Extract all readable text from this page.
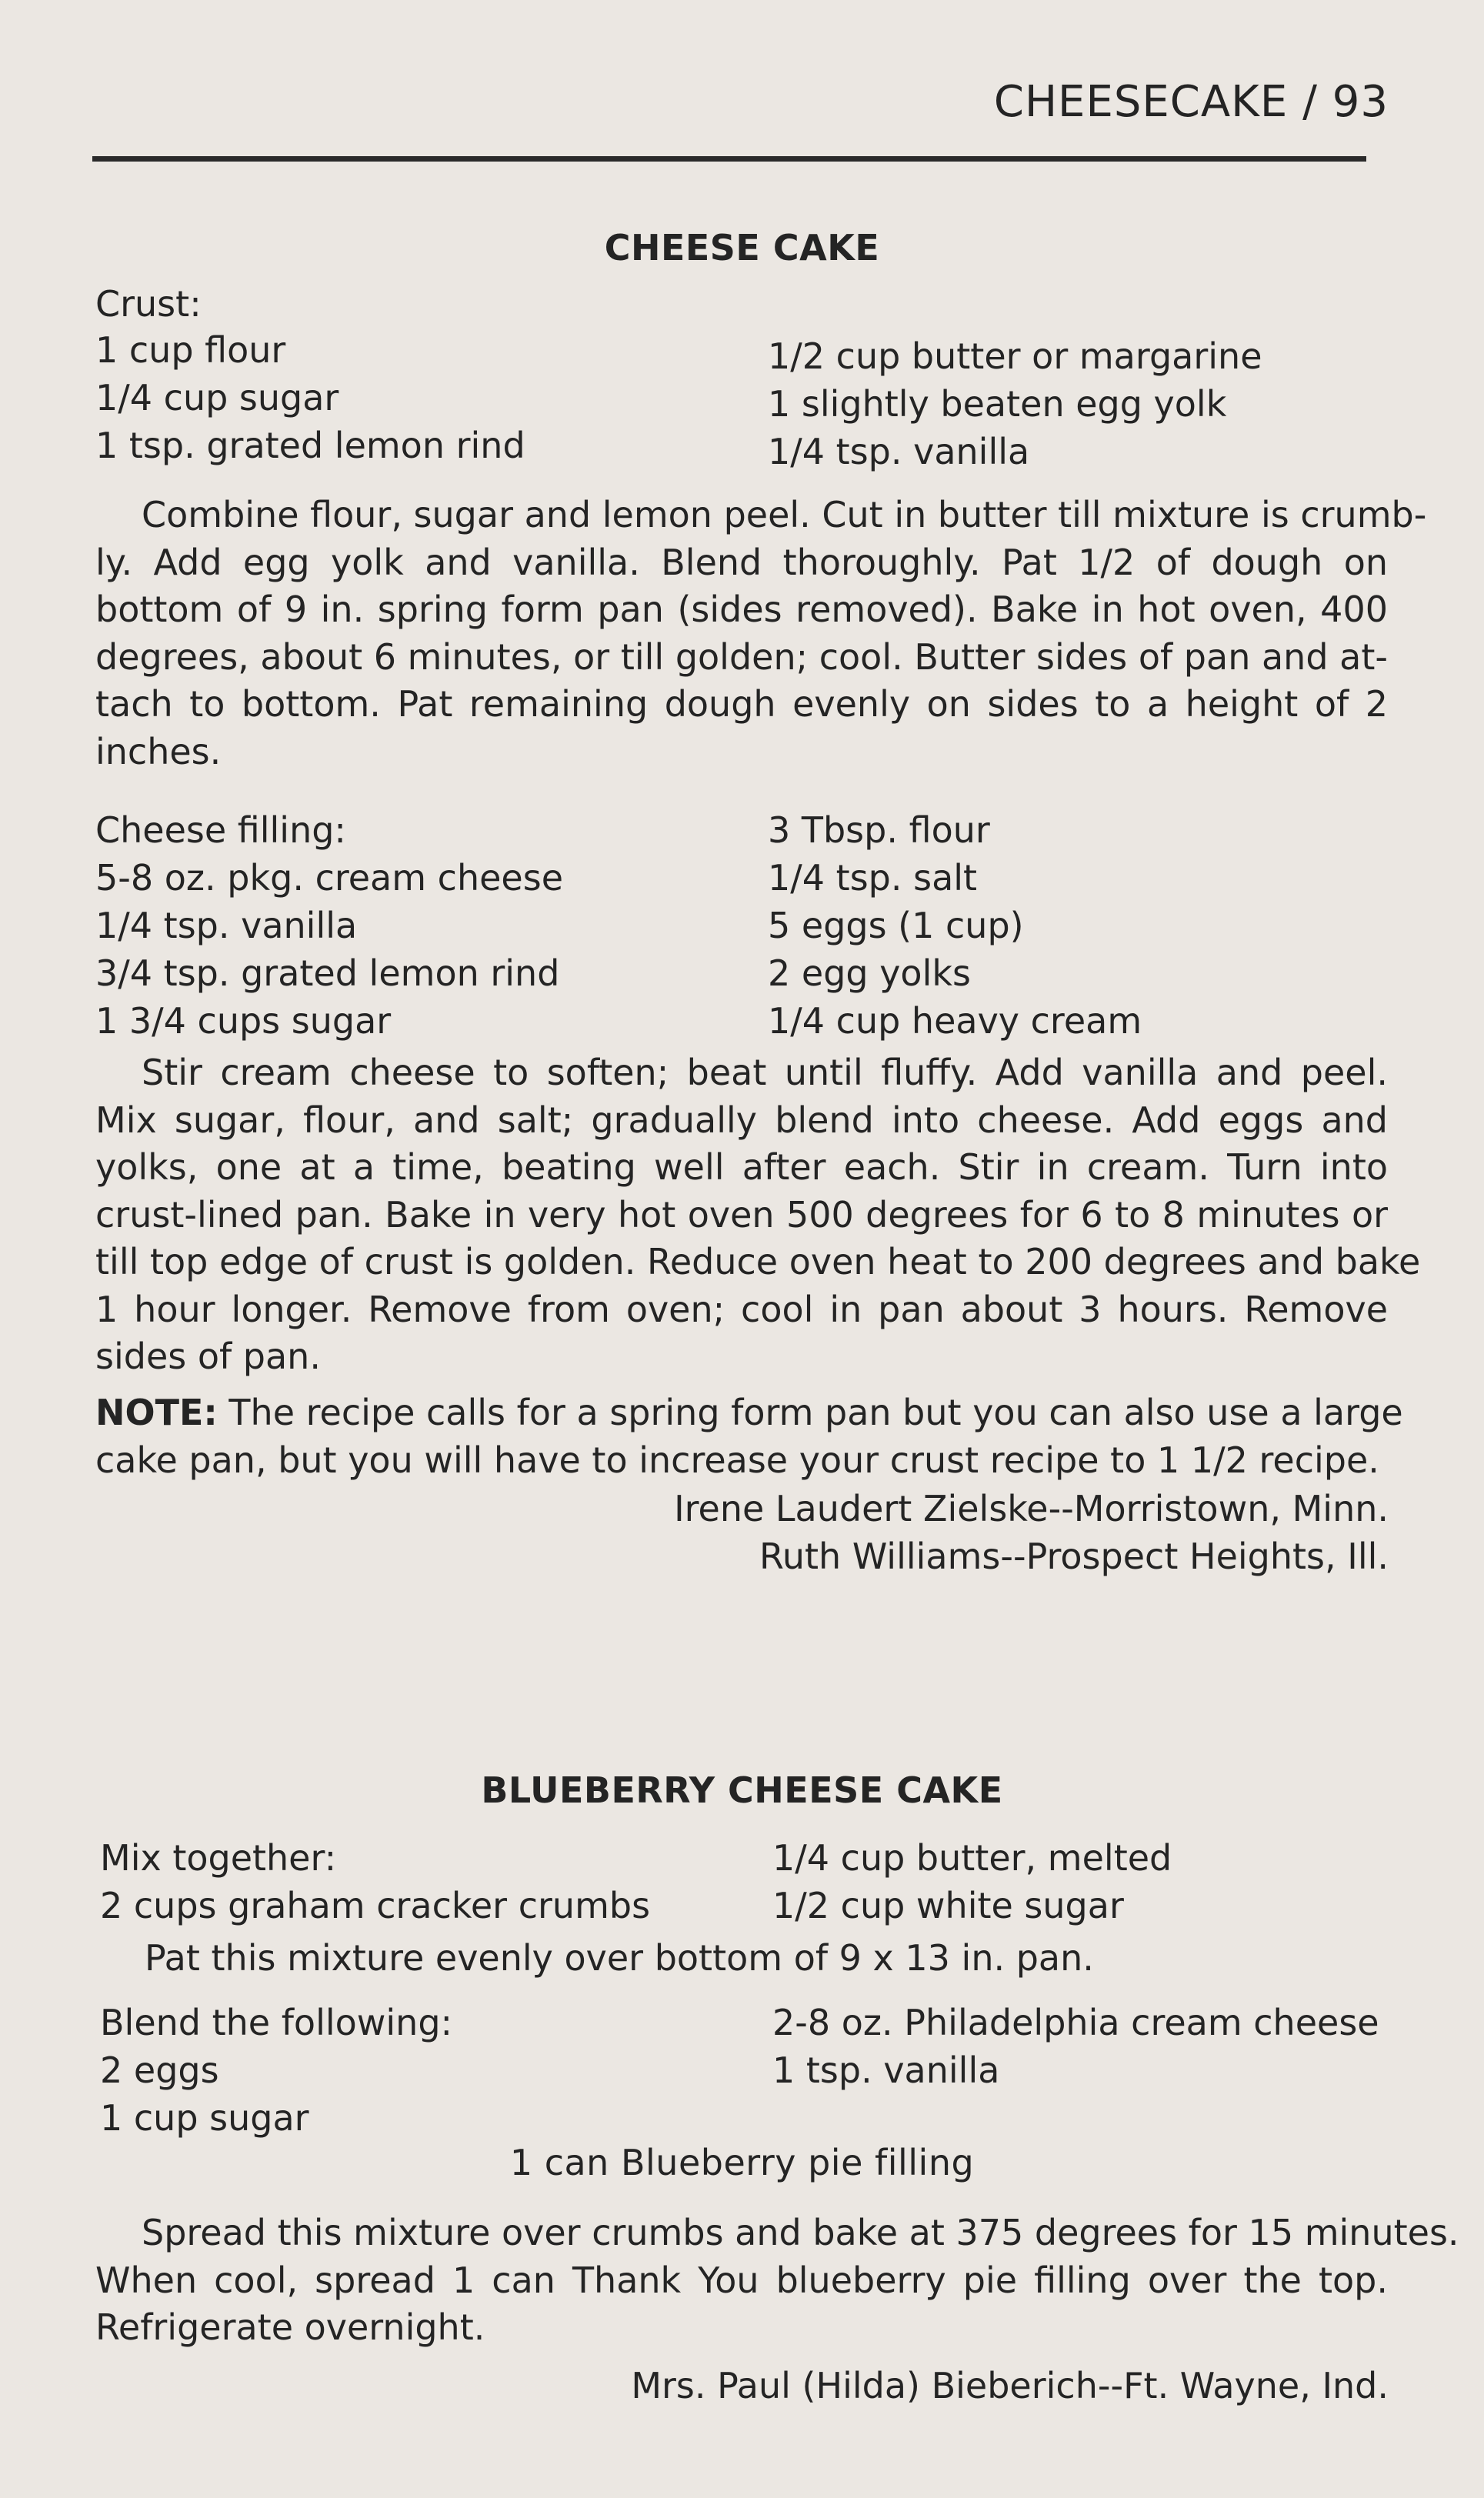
CHEESECAKE / 93
CHEESE CAKE
Crust:
1 cup flour
1/4 cup sugar
1 tsp. grated lemon rind
1/2 cup butter or margarine
1 slightly beaten egg yolk
1/4 tsp. vanilla
Combine flour, sugar and lemon peel. Cut in butter till mixture is crumb-
ly. Add egg yolk and vanilla. Blend thoroughly. Pat 1/2 of dough on
bottom of 9 in. spring form pan (sides removed). Bake in hot oven, 400
degrees, about 6 minutes, or till golden; cool. Butter sides of pan and at-
tach to bottom. Pat remaining dough evenly on sides to a height of 2
inches.
Cheese filling:
5-8 oz. pkg. cream cheese
1/4 tsp. vanilla
3/4 tsp. grated lemon rind
1 3/4 cups sugar
3 Tbsp. flour
1/4 tsp. salt
5 eggs (1 cup)
2 egg yolks
1/4 cup heavy cream
Stir cream cheese to soften; beat until fluffy. Add vanilla and peel.
Mix sugar, flour, and salt; gradually blend into cheese. Add eggs and
yolks, one at a time, beating well after each. Stir in cream. Turn into
crust-lined pan. Bake in very hot oven 500 degrees for 6 to 8 minutes or
till top edge of crust is golden. Reduce oven heat to 200 degrees and bake
1 hour longer. Remove from oven; cool in pan about 3 hours. Remove
sides of pan.
NOTE: The recipe calls for a spring form pan but you can also use a large
cake pan, but you will have to increase your crust recipe to 1 1/2 recipe.
Irene Laudert Zielske--Morristown, Minn.
Ruth Williams--Prospect Heights, Ill.
BLUEBERRY CHEESE CAKE
Mix together:
2 cups graham cracker crumbs
1/4 cup butter, melted
1/2 cup white sugar
Pat this mixture evenly over bottom of 9 x 13 in. pan.
Blend the following:
2 eggs
1 cup sugar
2-8 oz. Philadelphia cream cheese
1 tsp. vanilla
1 can Blueberry pie filling
Spread this mixture over crumbs and bake at 375 degrees for 15 minutes.
When cool, spread 1 can Thank You blueberry pie filling over the top.
Refrigerate overnight.
Mrs. Paul (Hilda) Bieberich--Ft. Wayne, Ind.
